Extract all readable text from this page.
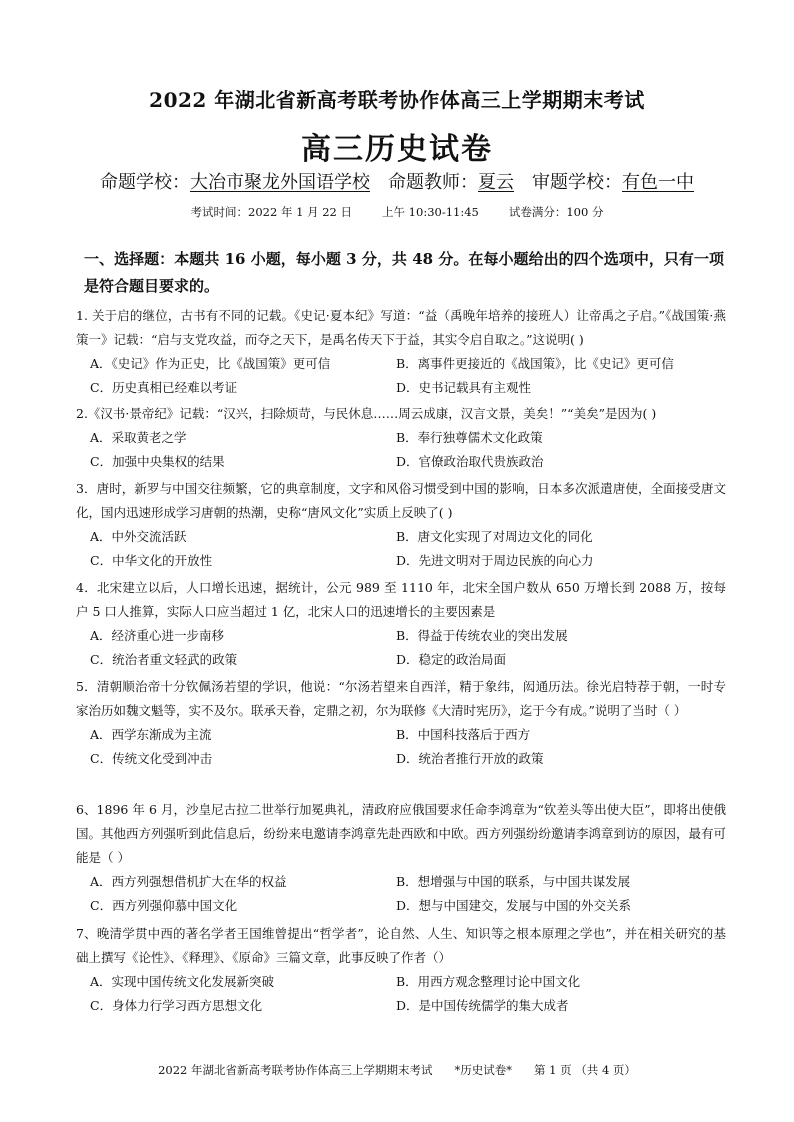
2022 年湖北省新高考联考协作体高三上学期期末考试
高三历史试卷
命题学校：大冶市聚龙外国语学校 命题教师：夏云 审题学校：有色一中
考试时间：2022 年 1 月 22 日	上午 10:30-11:45	试卷满分：100 分
一、选择题：本题共 16 小题，每小题 3 分，共 48 分。在每小题给出的四个选项中，只有一项是符合题目要求的。
1. 关于启的继位，古书有不同的记载。《史记·夏本纪》写道：“益（禹晚年培养的接班人）让帝禹之子启。”《战国策·燕策一》记载：“启与支党攻益，而夺之天下，是禹名传天下于益，其实令启自取之。”这说明( )
A．《史记》作为正史，比《战国策》更可信	B．离事件更接近的《战国策》，比《史记》更可信
C．历史真相已经难以考证	D．史书记载具有主观性
2.《汉书·景帝纪》记载：“汉兴，扫除烦苛，与民休息……周云成康，汉言文景，美矣！”“美矣”是因为( )
A．采取黄老之学	B．奉行独尊儒术文化政策
C．加强中央集权的结果	D．官僚政治取代贵族政治
3．唐时，新罗与中国交往频繁，它的典章制度，文字和风俗习惯受到中国的影响，日本多次派遣唐使，全面接受唐文化，国内迅速形成学习唐朝的热潮，史称“唐风文化”实质上反映了( )
A．中外交流活跃	B．唐文化实现了对周边文化的同化
C．中华文化的开放性	D．先进文明对于周边民族的向心力
4．北宋建立以后，人口增长迅速，据统计，公元 989 至 1110 年，北宋全国户数从 650 万增长到 2088 万，按每户 5 口人推算，实际人口应当超过 1 亿，北宋人口的迅速增长的主要因素是
A．经济重心进一步南移	B．得益于传统农业的突出发展
C．统治者重文轻武的政策	D．稳定的政治局面
5．清朝顺治帝十分钦佩汤若望的学识，他说：“尔汤若望来自西洋，精于象纬，闳通历法。徐光启特荐于朝，一时专家治历如魏文魁等，实不及尔。联承天眷，定鼎之初，尔为联修《大清时宪历》，迄于今有成。”说明了当时（ ）
A．西学东渐成为主流	B．中国科技落后于西方
C．传统文化受到冲击	D．统治者推行开放的政策
6、1896 年 6 月，沙皇尼古拉二世举行加冕典礼，清政府应俄国要求任命李鸿章为“钦差头等出使大臣”，即将出使俄国。其他西方列强听到此信息后，纷纷来电邀请李鸿章先赴西欧和中欧。西方列强纷纷邀请李鸿章到访的原因，最有可能是（ ）
A．西方列强想借机扩大在华的权益	B．想增强与中国的联系，与中国共谋发展
C．西方列强仰慕中国文化	D．想与中国建交，发展与中国的外交关系
7、晚清学贯中西的著名学者王国维曾提出“哲学者”，论自然、人生、知识等之根本原理之学也”，并在相关研究的基础上撰写《论性》、《释理》、《原命》三篇文章，此事反映了作者（）
A．实现中国传统文化发展新突破	B．用西方观念整理讨论中国文化
C．身体力行学习西方思想文化	D．是中国传统儒学的集大成者
2022 年湖北省新高考联考协作体高三上学期期末考试 *历史试卷* 第 1 页 （共 4 页）
